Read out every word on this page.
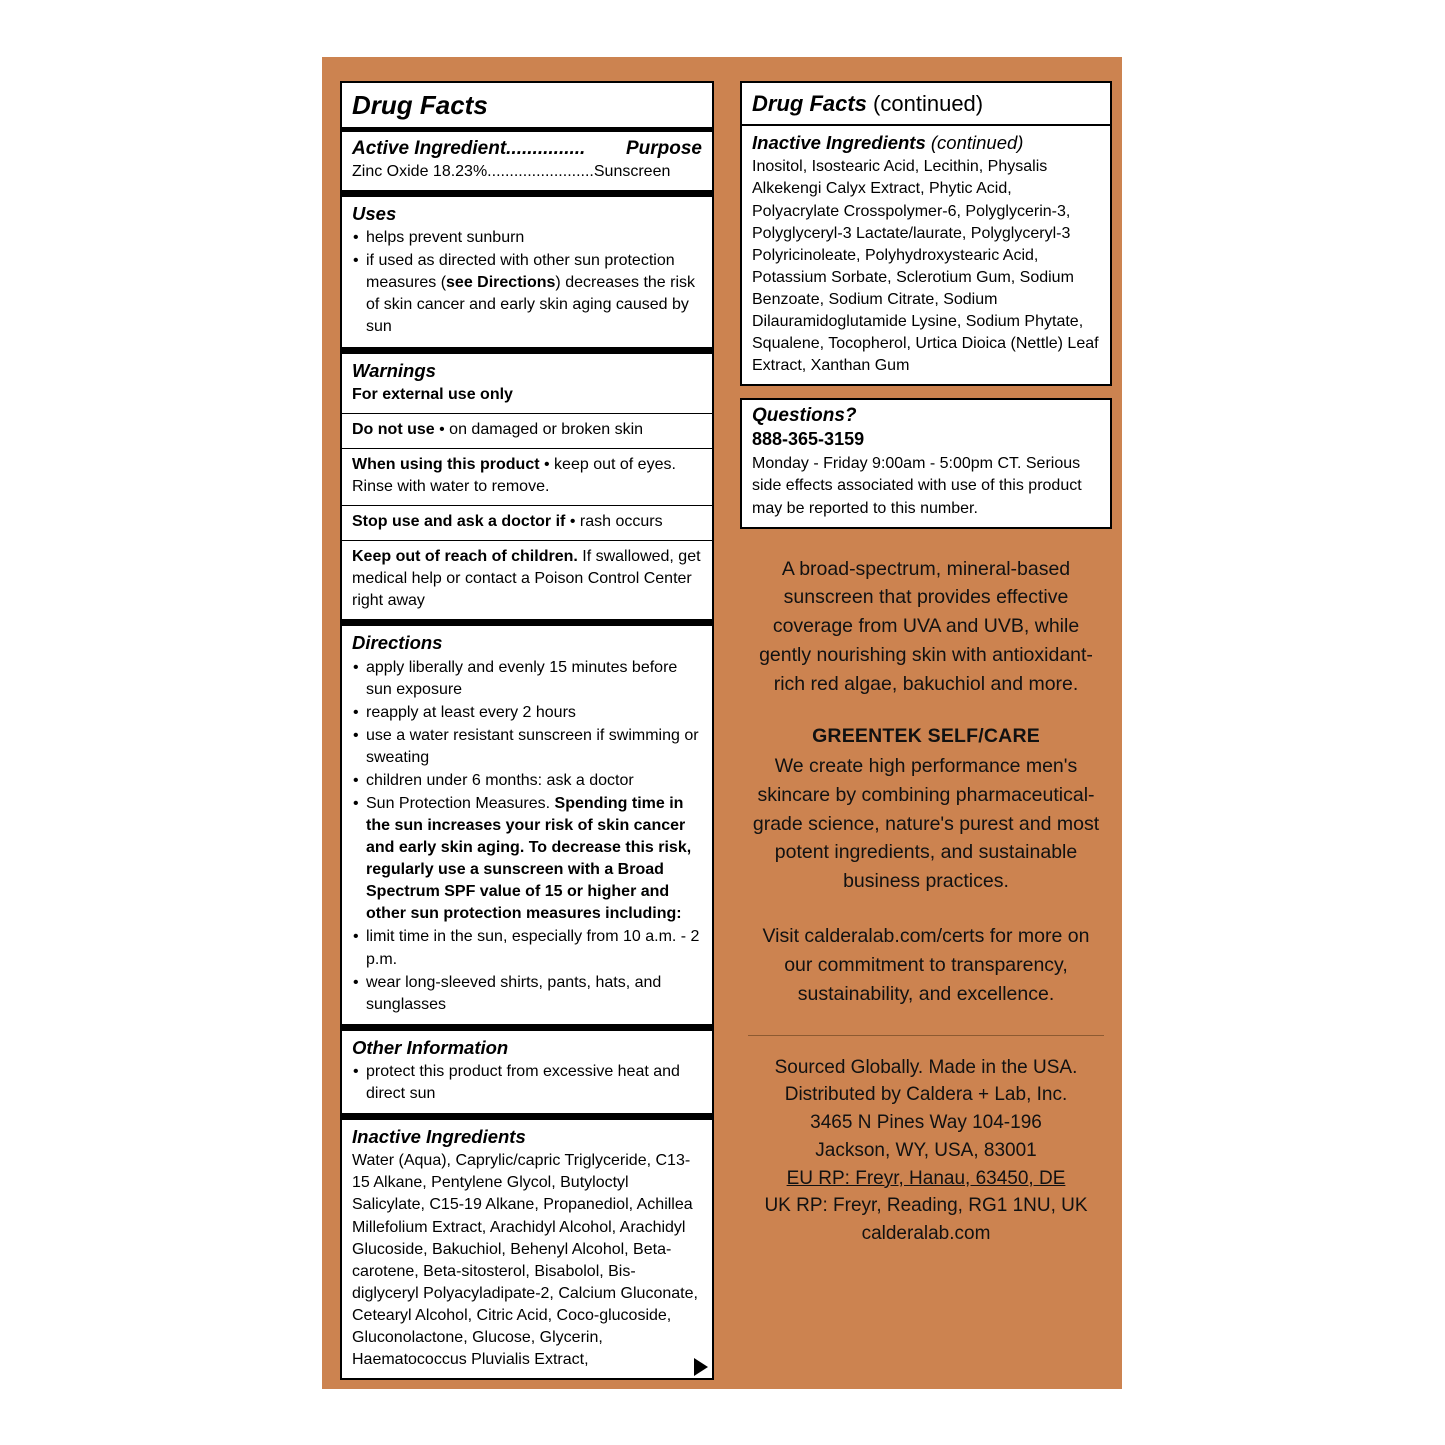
Drug Facts
Active Ingredient............... Purpose
Zinc Oxide 18.23%........................Sunscreen
Uses
• helps prevent sunburn
• if used as directed with other sun protection measures (see Directions) decreases the risk of skin cancer and early skin aging caused by sun
Warnings
For external use only
Do not use • on damaged or broken skin
When using this product • keep out of eyes. Rinse with water to remove.
Stop use and ask a doctor if • rash occurs
Keep out of reach of children. If swallowed, get medical help or contact a Poison Control Center right away
Directions
• apply liberally and evenly 15 minutes before sun exposure
• reapply at least every 2 hours
• use a water resistant sunscreen if swimming or sweating
• children under 6 months: ask a doctor
• Sun Protection Measures. Spending time in the sun increases your risk of skin cancer and early skin aging. To decrease this risk, regularly use a sunscreen with a Broad Spectrum SPF value of 15 or higher and other sun protection measures including:
• limit time in the sun, especially from 10 a.m. - 2 p.m.
• wear long-sleeved shirts, pants, hats, and sunglasses
Other Information
• protect this product from excessive heat and direct sun
Inactive Ingredients
Water (Aqua), Caprylic/capric Triglyceride, C13-15 Alkane, Pentylene Glycol, Butyloctyl Salicylate, C15-19 Alkane, Propanediol, Achillea Millefolium Extract, Arachidyl Alcohol, Arachidyl Glucoside, Bakuchiol, Behenyl Alcohol, Beta-carotene, Beta-sitosterol, Bisabolol, Bis-diglyceryl Polyacyladipate-2, Calcium Gluconate, Cetearyl Alcohol, Citric Acid, Coco-glucoside, Gluconolactone, Glucose, Glycerin, Haematococcus Pluvialis Extract,
Drug Facts (continued)
Inactive Ingredients (continued)
Inositol, Isostearic Acid, Lecithin, Physalis Alkekengi Calyx Extract, Phytic Acid, Polyacrylate Crosspolymer-6, Polyglycerin-3, Polyglyceryl-3 Lactate/laurate, Polyglyceryl-3 Polyricinoleate, Polyhydroxystearic Acid, Potassium Sorbate, Sclerotium Gum, Sodium Benzoate, Sodium Citrate, Sodium Dilauramidoglutamide Lysine, Sodium Phytate, Squalene, Tocopherol, Urtica Dioica (Nettle) Leaf Extract, Xanthan Gum
Questions?
888-365-3159
Monday - Friday 9:00am - 5:00pm CT. Serious side effects associated with use of this product may be reported to this number.
A broad-spectrum, mineral-based sunscreen that provides effective coverage from UVA and UVB, while gently nourishing skin with antioxidant-rich red algae, bakuchiol and more.
GREENTEK SELF/CARE
We create high performance men's skincare by combining pharmaceutical-grade science, nature's purest and most potent ingredients, and sustainable business practices.
Visit calderalab.com/certs for more on our commitment to transparency, sustainability, and excellence.
Sourced Globally. Made in the USA.
Distributed by Caldera + Lab, Inc.
3465 N Pines Way 104-196
Jackson, WY, USA, 83001
EU RP: Freyr, Hanau, 63450, DE
UK RP: Freyr, Reading, RG1 1NU, UK
calderalab.com
